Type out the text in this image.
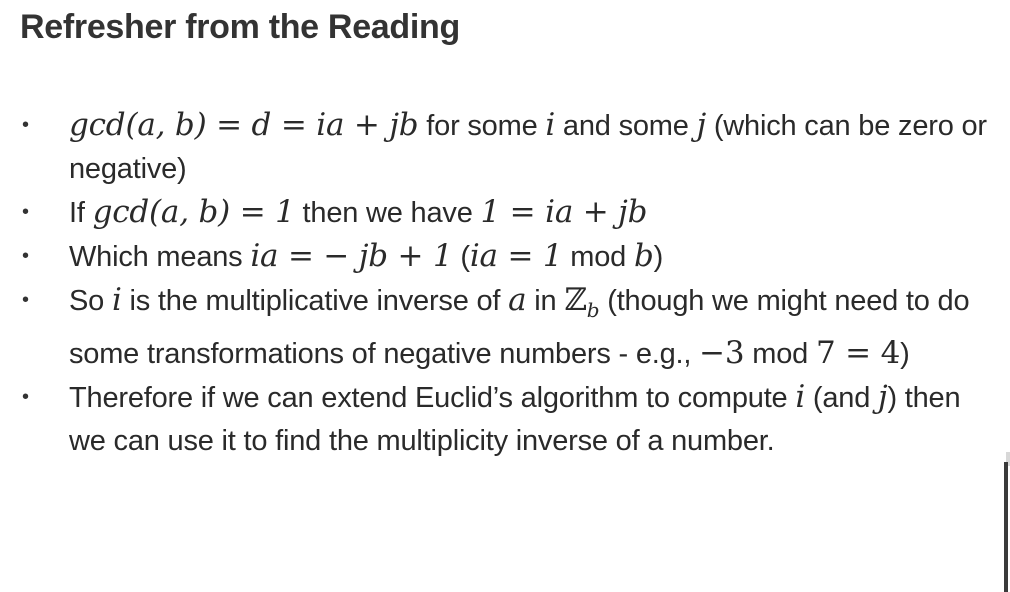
Refresher from the Reading
•	gcd(a, b) = d = ia + jb for some i and some j (which can be zero or negative)
•	If gcd(a, b) = 1 then we have 1 = ia + jb
•	Which means ia = − jb + 1 (ia = 1 mod b)
•	So i is the multiplicative inverse of a in ℤ$_b$ (though we might need to do some transformations of negative numbers - e.g., −3 mod 7 = 4)
•	Therefore if we can extend Euclid’s algorithm to compute i (and j) then we can use it to find the multiplicity inverse of a number.
